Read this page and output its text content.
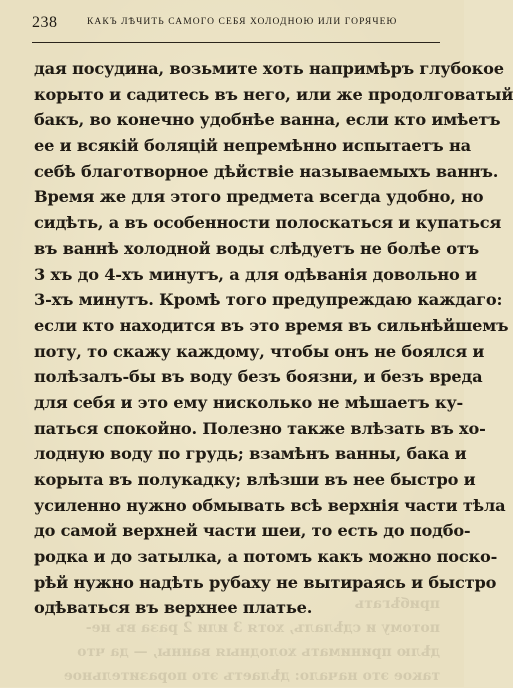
238	КАКЪ ЛѢЧИТЬ САМОГО СЕБЯ ХОЛОДНОЮ ИЛИ ГОРЯЧЕЮ
дая посудина, возьмите хоть напримѣръ глубокое
корыто и садитесь въ него, или же продолговатый
бакъ, во конечно удобнѣе ванна, если кто имѣетъ
ее и всякій боляцій непремѣнно испытаетъ на
себѣ благотворное дѣйствіе называемыхъ ваннъ.
Время же для этого предмета всегда удобно, но
сидѣть, а въ особенности полоскаться и купаться
въ ваннѣ холодной воды слѣдуетъ не болѣе отъ
3 хъ до 4-хъ минутъ, а для одѣванія довольно и
3-хъ минутъ. Кромѣ того предупреждаю каждаго:
если кто находится въ это время въ сильнѣйшемъ
поту, то скажу каждому, чтобы онъ не боялся и
полѣзалъ-бы въ воду безъ боязни, и безъ вреда
для себя и это ему нисколько не мѣшаетъ ку-
паться спокойно. Полезно также влѣзать въ хо-
лодную воду по грудь; взамѣнъ ванны, бака и
корыта въ полукадку; влѣзши въ нее быстро и
усиленно нужно обмывать всѣ верхнія части тѣла
до самой верхней части шеи, то есть до подбо-
родка и до затылка, а потомъ какъ можно поско-
рѣй нужно надѣть рубаху не вытираясь и быстро
одѣваться въ верхнее платье.	прибѣгать
потому и сдѣлалъ, хотя 3 или 2 раза въ не-
дѣлю принимать холодныя ванны, — да что
такое это начало: дѣлаетъ это поразительное
